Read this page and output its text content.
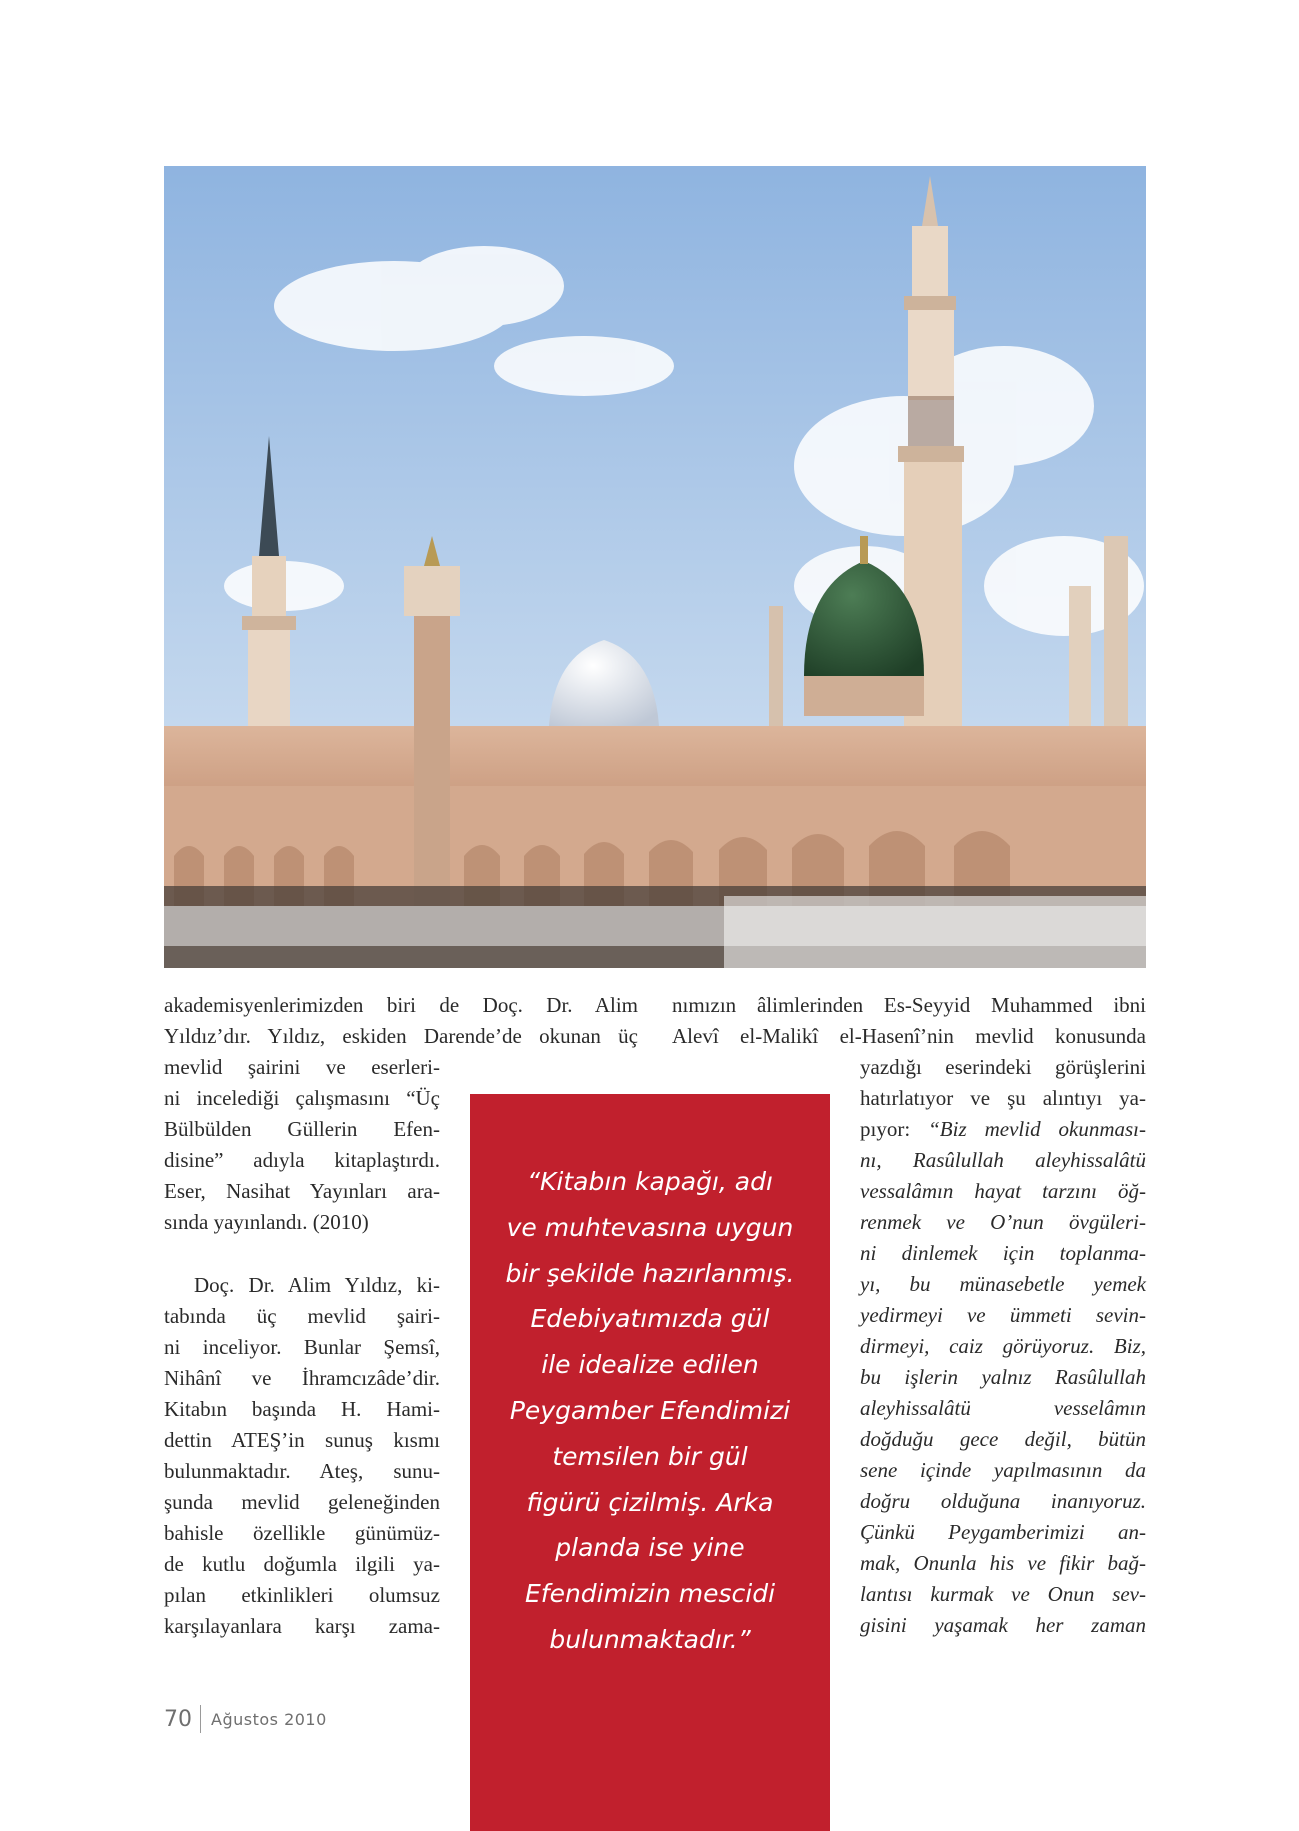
akademisyenlerimizden biri de Doç. Dr. Alim
Yıldız’dır. Yıldız, eskiden Darende’de okunan üç
mevlid şairini ve eserleri-
ni incelediği çalışmasını “Üç
Bülbülden Güllerin Efen-
disine” adıyla kitaplaştırdı.
Eser, Nasihat Yayınları ara-
sında yayınlandı. (2010)
Doç. Dr. Alim Yıldız, ki-
tabında üç mevlid şairi-
ni inceliyor. Bunlar Şemsî,
Nihânî ve İhramcızâde’dir.
Kitabın başında H. Hami-
dettin ATEŞ’in sunuş kısmı
bulunmaktadır. Ateş, sunu-
şunda mevlid geleneğinden
bahisle özellikle günümüz-
de kutlu doğumla ilgili ya-
pılan etkinlikleri olumsuz
karşılayanlara karşı zama-
nımızın âlimlerinden Es-Seyyid Muhammed ibni
Alevî el-Malikî el-Hasenî’nin mevlid konusunda
yazdığı eserindeki görüşlerini
hatırlatıyor ve şu alıntıyı ya-
pıyor: “Biz mevlid okunması-
nı, Rasûlullah aleyhissalâtü
vessalâmın hayat tarzını öğ-
renmek ve O’nun övgüleri-
ni dinlemek için toplanma-
yı, bu münasebetle yemek
yedirmeyi ve ümmeti sevin-
dirmeyi, caiz görüyoruz. Biz,
bu işlerin yalnız Rasûlullah
aleyhissalâtü vesselâmın
doğduğu gece değil, bütün
sene içinde yapılmasının da
doğru olduğuna inanıyoruz.
Çünkü Peygamberimizi an-
mak, Onunla his ve fikir bağ-
lantısı kurmak ve Onun sev-
gisini yaşamak her zaman
“Kitabın kapağı, adı
ve muhtevasına uygun
bir şekilde hazırlanmış.
Edebiyatımızda gül
ile idealize edilen
Peygamber Efendimizi
temsilen bir gül
figürü çizilmiş. Arka
planda ise yine
Efendimizin mescidi
bulunmaktadır.”
70 Ağustos 2010
